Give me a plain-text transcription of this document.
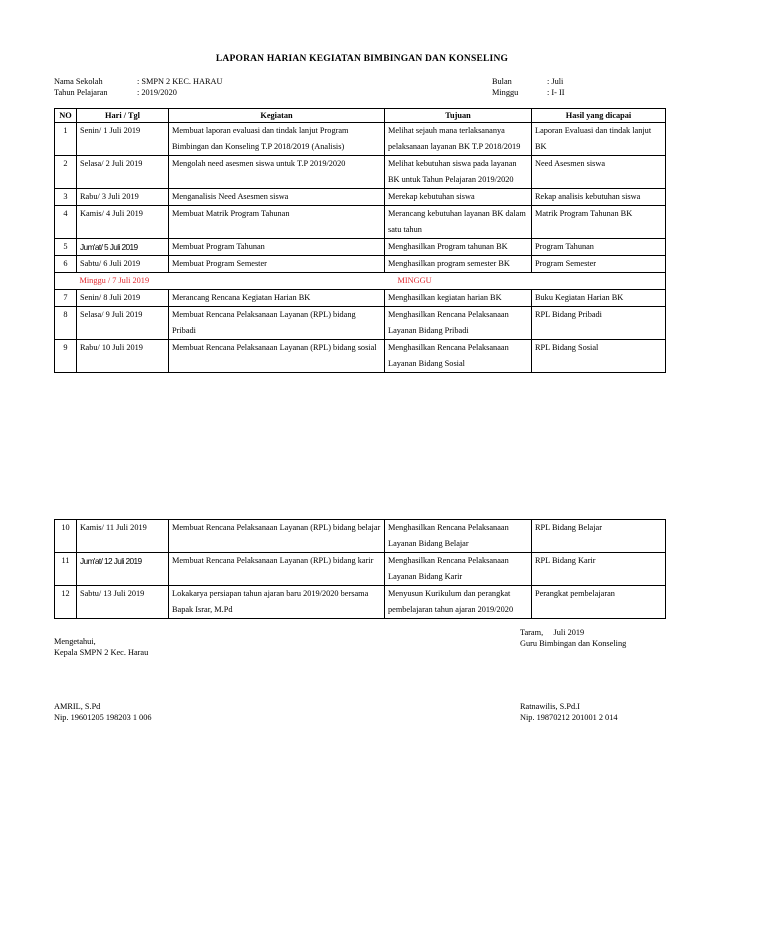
LAPORAN HARIAN KEGIATAN BIMBINGAN DAN KONSELING
Nama Sekolah	: SMPN 2 KEC. HARAU
Tahun Pelajaran	: 2019/2020
Bulan	: Juli
Minggu	: I- II
NO	Hari / Tgl	Kegiatan	Tujuan	Hasil yang dicapai
1	Senin/ 1 Juli 2019	Membuat laporan evaluasi dan tindak lanjut Program Bimbingan dan Konseling T.P 2018/2019 (Analisis)	Melihat sejauh mana terlaksananya pelaksanaan layanan BK T.P 2018/2019	Laporan Evaluasi dan tindak lanjut BK
2	Selasa/ 2 Juli 2019	Mengolah need asesmen siswa untuk T.P 2019/2020	Melihat kebutuhan siswa pada layanan BK untuk Tahun Pelajaran 2019/2020	Need Asesmen siswa
3	Rabu/ 3 Juli 2019	Menganalisis Need Asesmen siswa	Merekap kebutuhan siswa	Rekap analisis kebutuhan siswa
4	Kamis/ 4 Juli 2019	Membuat Matrik Program Tahunan	Merancang kebutuhan layanan BK dalam satu tahun	Matrik Program Tahunan BK
5	Jum'at/ 5 Juli 2019	Membuat Program Tahunan	Menghasilkan Program tahunan BK	Program Tahunan
6	Sabtu/ 6 Juli 2019	Membuat Program Semester	Menghasilkan program semester BK	Program Semester
	Minggu / 7 Juli 2019		MINGGU	
7	Senin/ 8 Juli 2019	Merancang Rencana Kegiatan Harian BK	Menghasilkan kegiatan harian BK	Buku Kegiatan Harian BK
8	Selasa/ 9 Juli 2019	Membuat Rencana Pelaksanaan Layanan (RPL) bidang Pribadi	Menghasilkan Rencana Pelaksanaan Layanan Bidang Pribadi	RPL Bidang Pribadi
9	Rabu/ 10 Juli 2019	Membuat Rencana Pelaksanaan Layanan (RPL) bidang sosial	Menghasilkan Rencana Pelaksanaan Layanan Bidang Sosial	RPL Bidang Sosial
10	Kamis/ 11 Juli 2019	Membuat Rencana Pelaksanaan Layanan (RPL) bidang belajar	Menghasilkan Rencana Pelaksanaan Layanan Bidang Belajar	RPL Bidang Belajar
11	Jum'at/ 12 Juli 2019	Membuat Rencana Pelaksanaan Layanan (RPL) bidang karir	Menghasilkan Rencana Pelaksanaan Layanan Bidang Karir	RPL Bidang Karir
12	Sabtu/ 13 Juli 2019	Lokakarya persiapan tahun ajaran baru 2019/2020 bersama Bapak Israr, M.Pd	Menyusun Kurikulum dan perangkat pembelajaran tahun ajaran 2019/2020	Perangkat pembelajaran
Mengetahui,
Kepala SMPN 2 Kec. Harau
AMRIL, S.Pd
Nip. 19601205 198203 1 006
Taram,     Juli 2019
Guru Bimbingan dan Konseling
Ratnawilis, S.Pd.I
Nip. 19870212 201001 2 014
